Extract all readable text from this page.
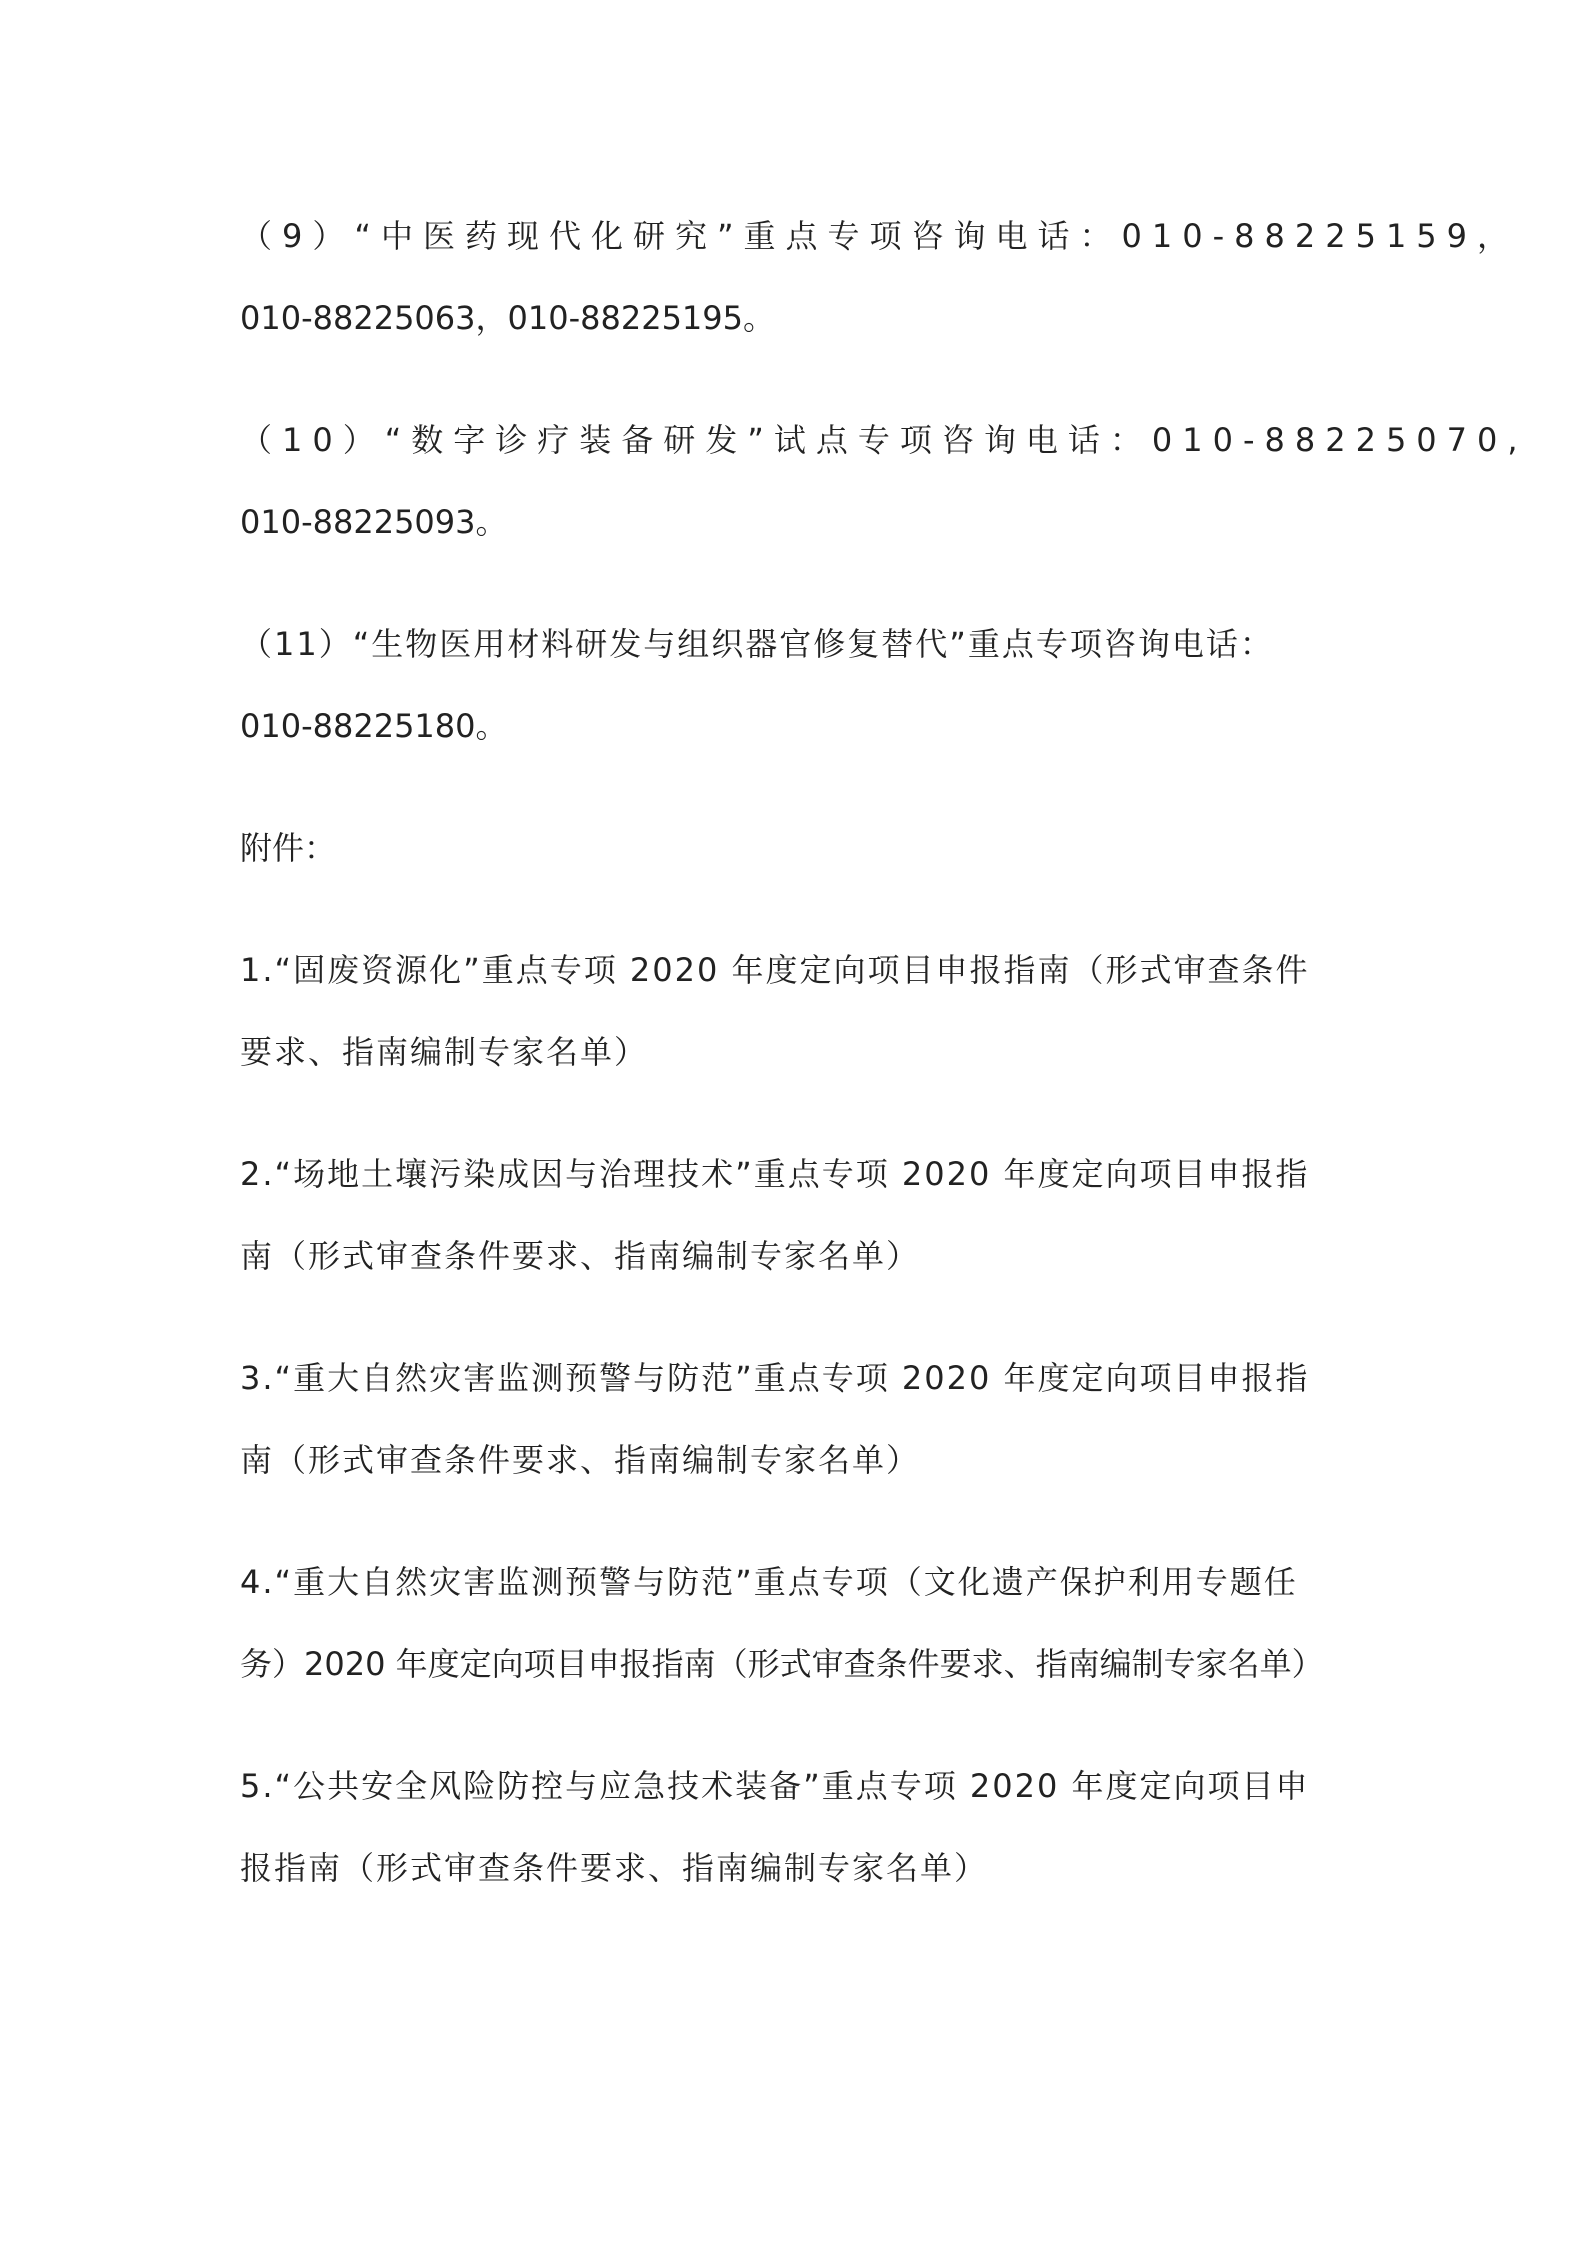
（9）“中医药现代化研究”重点专项咨询电话：010-88225159，
010-88225063，010-88225195。
（10）“数字诊疗装备研发”试点专项咨询电话：010-88225070,
010-88225093。
（11）“生物医用材料研发与组织器官修复替代”重点专项咨询电话：
010-88225180。
附件：
1.“固废资源化”重点专项 2020 年度定向项目申报指南（形式审查条件
要求、指南编制专家名单）
2.“场地土壤污染成因与治理技术”重点专项 2020 年度定向项目申报指
南（形式审查条件要求、指南编制专家名单）
3.“重大自然灾害监测预警与防范”重点专项 2020 年度定向项目申报指
南（形式审查条件要求、指南编制专家名单）
4.“重大自然灾害监测预警与防范”重点专项（文化遗产保护利用专题任
务）2020 年度定向项目申报指南（形式审查条件要求、指南编制专家名单）
5.“公共安全风险防控与应急技术装备”重点专项 2020 年度定向项目申
报指南（形式审查条件要求、指南编制专家名单）
